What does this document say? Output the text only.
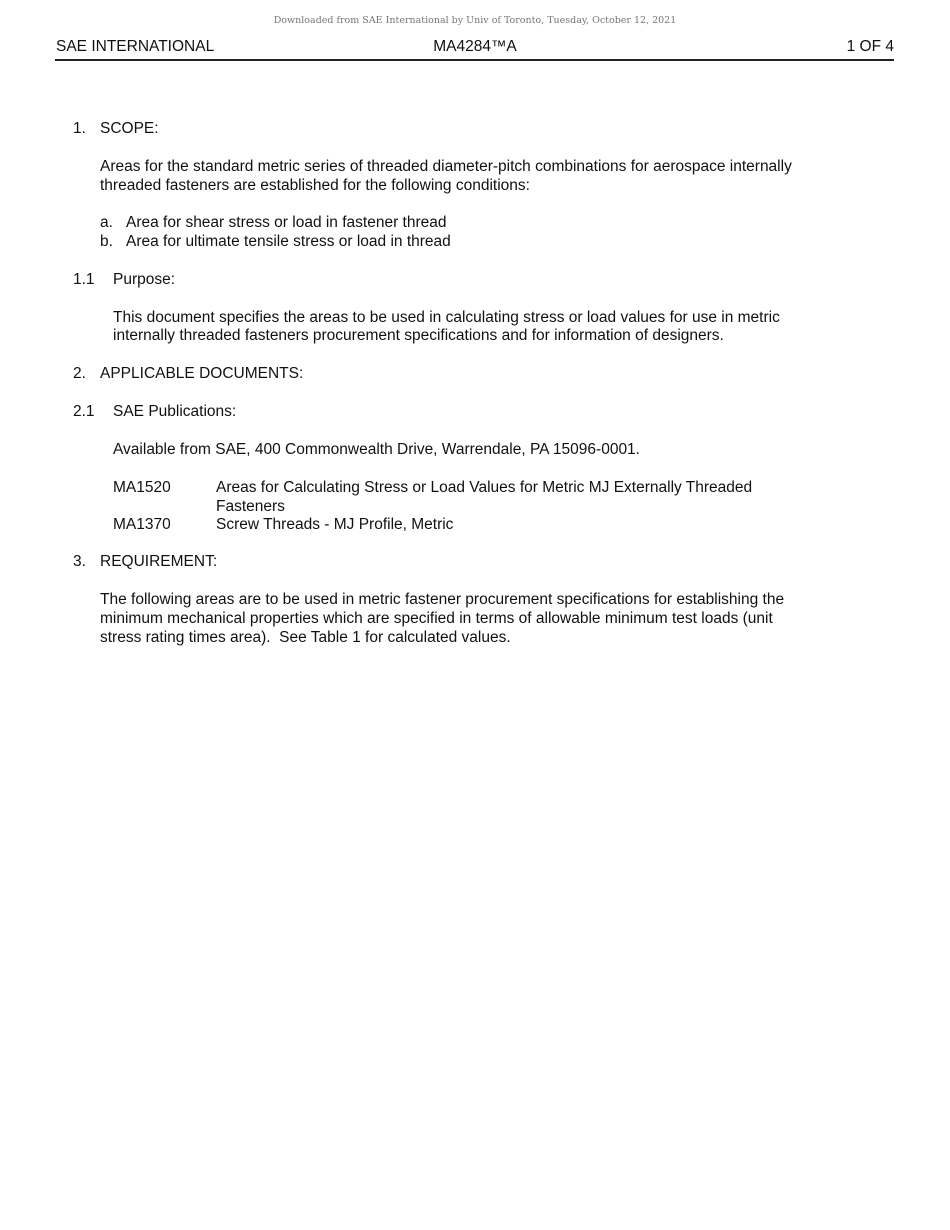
Downloaded from SAE International by Univ of Toronto, Tuesday, October 12, 2021
SAE INTERNATIONAL	MA4284™A	1 OF 4
1. SCOPE:
Areas for the standard metric series of threaded diameter-pitch combinations for aerospace internally
threaded fasteners are established for the following conditions:
a. Area for shear stress or load in fastener thread
b. Area for ultimate tensile stress or load in thread
1.1 Purpose:
This document specifies the areas to be used in calculating stress or load values for use in metric
internally threaded fasteners procurement specifications and for information of designers.
2. APPLICABLE DOCUMENTS:
2.1 SAE Publications:
Available from SAE, 400 Commonwealth Drive, Warrendale, PA 15096-0001.
MA1520	Areas for Calculating Stress or Load Values for Metric MJ Externally Threaded
Fasteners
MA1370	Screw Threads - MJ Profile, Metric
3. REQUIREMENT:
The following areas are to be used in metric fastener procurement specifications for establishing the
minimum mechanical properties which are specified in terms of allowable minimum test loads (unit
stress rating times area).  See Table 1 for calculated values.
